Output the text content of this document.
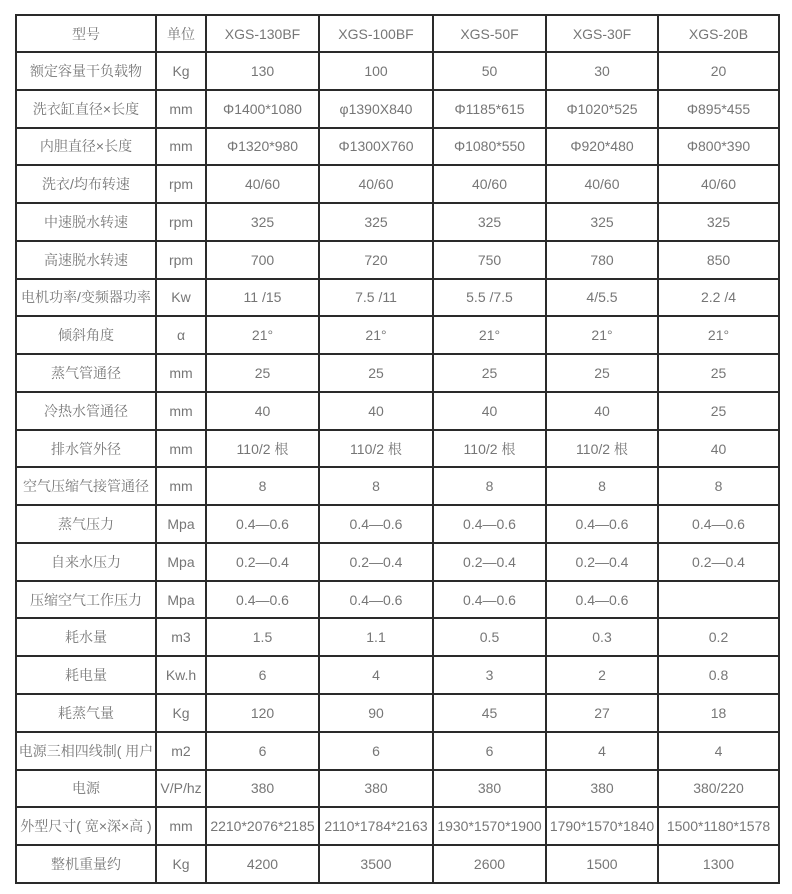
型号	单位	XGS-130BF	XGS-100BF	XGS-50F	XGS-30F	XGS-20B
额定容量干负载物	Kg	130	100	50	30	20
洗衣缸直径×长度	mm	Φ1400*1080	φ1390X840	Φ1185*615	Φ1020*525	Φ895*455
内胆直径×长度	mm	Φ1320*980	Φ1300X760	Φ1080*550	Φ920*480	Φ800*390
洗衣/均布转速	rpm	40/60	40/60	40/60	40/60	40/60
中速脱水转速	rpm	325	325	325	325	325
高速脱水转速	rpm	700	720	750	780	850
电机功率/变频器功率	Kw	11 /15	7.5 /11	5.5 /7.5	4/5.5	2.2 /4
倾斜角度	α	21°	21°	21°	21°	21°
蒸气管通径	mm	25	25	25	25	25
冷热水管通径	mm	40	40	40	40	25
排水管外径	mm	110/2 根	110/2 根	110/2 根	110/2 根	40
空气压缩气接管通径	mm	8	8	8	8	8
蒸气压力	Mpa	0.4—0.6	0.4—0.6	0.4—0.6	0.4—0.6	0.4—0.6
自来水压力	Mpa	0.2—0.4	0.2—0.4	0.2—0.4	0.2—0.4	0.2—0.4
压缩空气工作压力	Mpa	0.4—0.6	0.4—0.6	0.4—0.6	0.4—0.6	
耗水量	m3	1.5	1.1	0.5	0.3	0.2
耗电量	Kw.h	6	4	3	2	0.8
耗蒸气量	Kg	120	90	45	27	18
电源三相四线制( 用户	m2	6	6	6	4	4
电源	V/P/hz	380	380	380	380	380/220
外型尺寸( 宽×深×高 )	mm	2210*2076*2185	2110*1784*2163	1930*1570*1900	1790*1570*1840	1500*1180*1578
整机重量约	Kg	4200	3500	2600	1500	1300
